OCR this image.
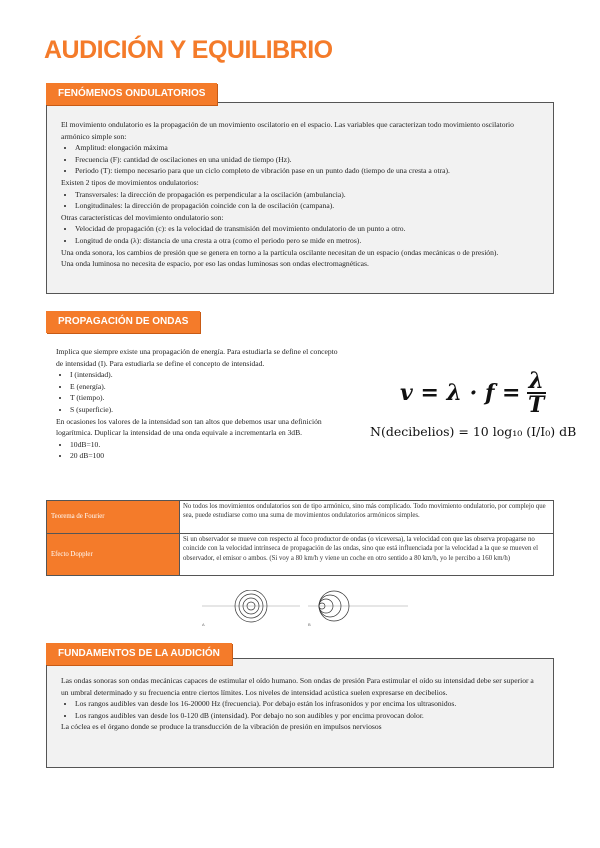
AUDICIÓN Y EQUILIBRIO
FENÓMENOS ONDULATORIOS

El movimiento ondulatorio es la propagación de un movimiento oscilatorio en el espacio. Las variables que caracterizan todo movimiento oscilatorio armónico simple son:

• Amplitud: elongación máxima
• Frecuencia (F): cantidad de oscilaciones en una unidad de tiempo (Hz).
• Periodo (T): tiempo necesario para que un ciclo completo de vibración pase en un punto dado (tiempo de una cresta a otra).

Existen 2 tipos de movimientos ondulatorios:

• Transversales: la dirección de propagación es perpendicular a la oscilación (ambulancia).
• Longitudinales: la dirección de propagación coincide con la de oscilación (campana).

Otras características del movimiento ondulatorio son:

• Velocidad de propagación (c): es la velocidad de transmisión del movimiento ondulatorio de un punto a otro.
• Longitud de onda (λ): distancia de una cresta a otra (como el periodo pero se mide en metros).

Una onda sonora, los cambios de presión que se genera en torno a la partícula oscilante necesitan de un espacio (ondas mecánicas o de presión).

Una onda luminosa no necesita de espacio, por eso las ondas luminosas son ondas electromagnéticas.

PROPAGACIÓN DE ONDAS

Implica que siempre existe una propagación de energía. Para estudiarla se define el concepto de intensidad (I). Para estudiarla se define el concepto de intensidad.

• I (intensidad).
• E (energía).
• T (tiempo).
• S (superficie).

En ocasiones los valores de la intensidad son tan altos que debemos usar una definición logarítmica. Duplicar la intensidad de una onda equivale a incrementarla en 3dB.

• 10dB=10.
• 20 dB=100
$v = \lambda \cdot f = \frac{\lambda}{T}$
N(decibelios) = 10 log₁₀ (I/I₀) dB
Teorema de Fourier	No todos los movimientos ondulatorios son de tipo armónico, sino más complicado. Todo movimiento ondulatorio, por complejo que sea, puede estudiarse como una suma de movimientos ondulatorios armónicos simples.
Efecto Doppler	Si un observador se mueve con respecto al foco productor de ondas (o viceversa), la velocidad con que las observa propagarse no coincide con la velocidad intrínseca de propagación de las ondas, sino que está influenciada por la velocidad a la que se mueven el observador, el emisor o ambos. (Si voy a 80 km/h y viene un coche en otro sentido a 80 km/h, yo le percibo a 160 km/h)
A	B
FUNDAMENTOS DE LA AUDICIÓN

Las ondas sonoras son ondas mecánicas capaces de estimular el oído humano. Son ondas de presión Para estimular el oído su intensidad debe ser superior a un umbral determinado y su frecuencia entre ciertos límites. Los niveles de intensidad acústica suelen expresarse en decibelios.

• Los rangos audibles van desde los 16-20000 Hz (frecuencia). Por debajo están los infrasonidos y por encima los ultrasonidos.
• Los rangos audibles van desde los 0-120 dB (intensidad). Por debajo no son audibles y por encima provocan dolor.

La cóclea es el órgano donde se produce la transducción de la vibración de presión en impulsos nerviosos
